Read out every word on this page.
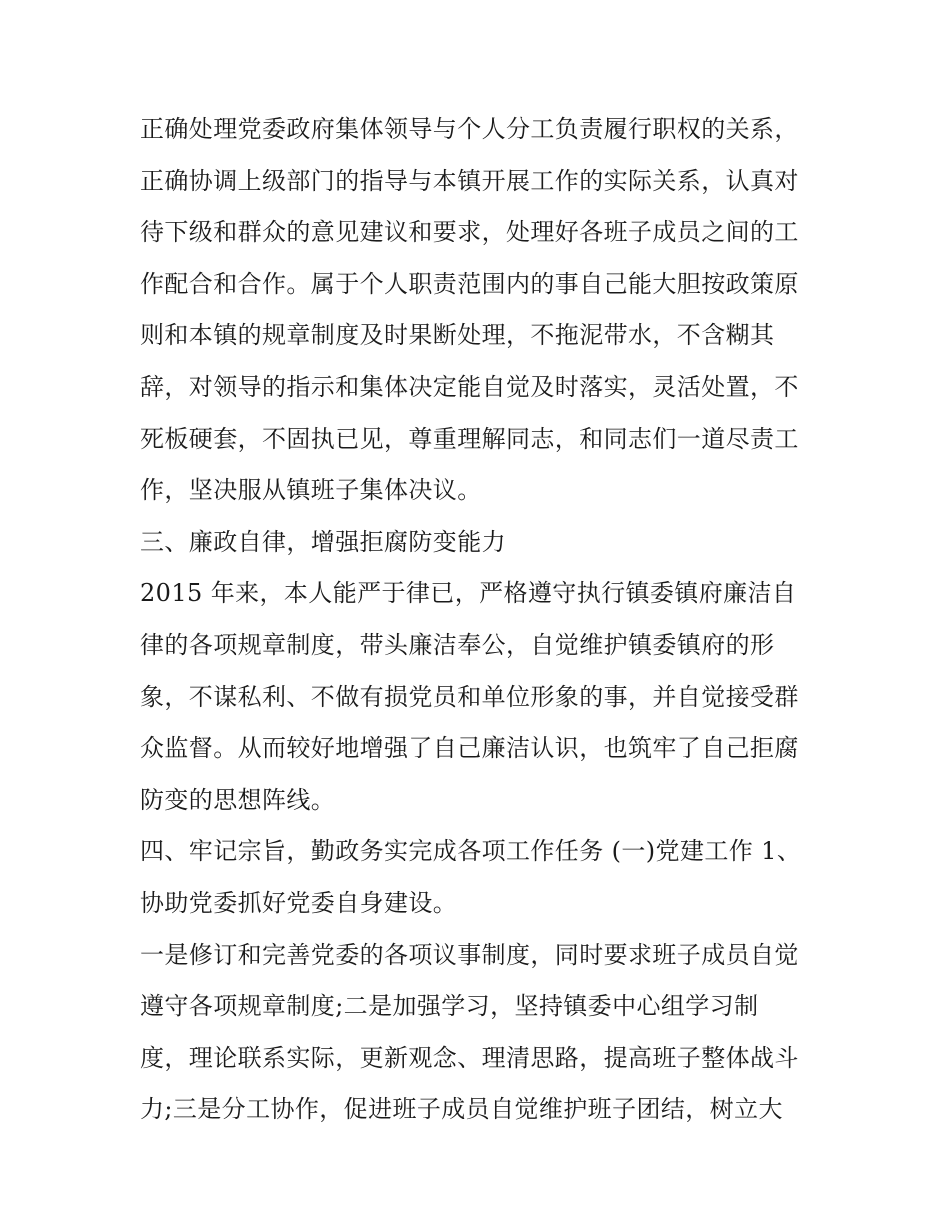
正确处理党委政府集体领导与个人分工负责履行职权的关系，
正确协调上级部门的指导与本镇开展工作的实际关系，认真对
待下级和群众的意见建议和要求，处理好各班子成员之间的工
作配合和合作。属于个人职责范围内的事自己能大胆按政策原
则和本镇的规章制度及时果断处理，不拖泥带水，不含糊其
辞，对领导的指示和集体决定能自觉及时落实，灵活处置，不
死板硬套，不固执已见，尊重理解同志，和同志们一道尽责工
作，坚决服从镇班子集体决议。
三、廉政自律，增强拒腐防变能力
2015 年来，本人能严于律已，严格遵守执行镇委镇府廉洁自
律的各项规章制度，带头廉洁奉公，自觉维护镇委镇府的形
象，不谋私利、不做有损党员和单位形象的事，并自觉接受群
众监督。从而较好地增强了自己廉洁认识，也筑牢了自己拒腐
防变的思想阵线。
四、牢记宗旨，勤政务实完成各项工作任务 (一)党建工作 1、
协助党委抓好党委自身建设。
一是修订和完善党委的各项议事制度，同时要求班子成员自觉
遵守各项规章制度;二是加强学习，坚持镇委中心组学习制
度，理论联系实际，更新观念、理清思路，提高班子整体战斗
力;三是分工协作，促进班子成员自觉维护班子团结，树立大
